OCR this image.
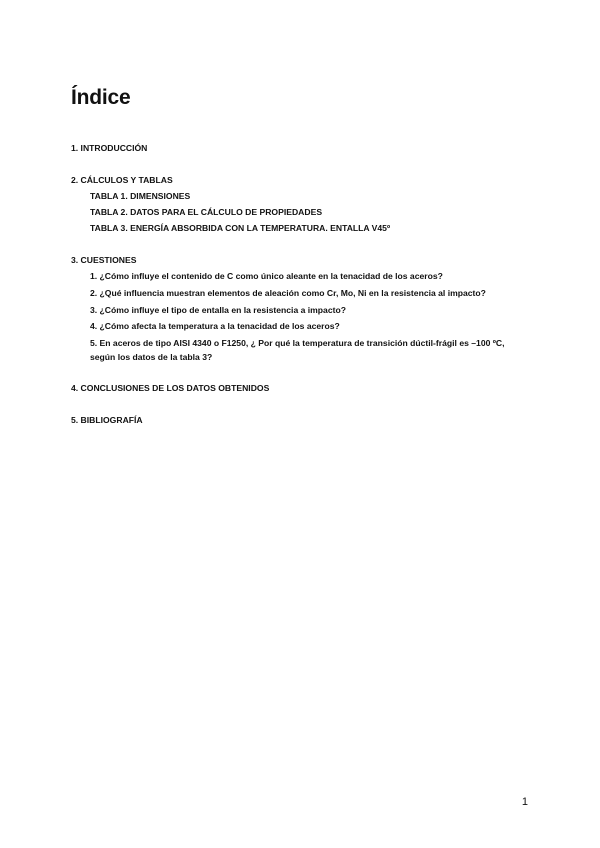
Índice
1. INTRODUCCIÓN
2. CÁLCULOS Y TABLAS
TABLA 1. DIMENSIONES
TABLA 2. DATOS PARA EL CÁLCULO DE PROPIEDADES
TABLA 3. ENERGÍA ABSORBIDA CON LA TEMPERATURA. ENTALLA V45º
3. CUESTIONES
1. ¿Cómo influye el contenido de C como único aleante en la tenacidad de los aceros?
2. ¿Qué influencia muestran elementos de aleación como Cr, Mo, Ni en la resistencia al impacto?
3. ¿Cómo influye el tipo de entalla en la resistencia a impacto?
4. ¿Cómo afecta la temperatura a la tenacidad de los aceros?
5. En aceros de tipo AISI 4340 o F1250, ¿ Por qué la temperatura de transición dúctil-frágil es –100 ºC, según los datos de la tabla 3?
4. CONCLUSIONES DE LOS DATOS OBTENIDOS
5. BIBLIOGRAFÍA
1
